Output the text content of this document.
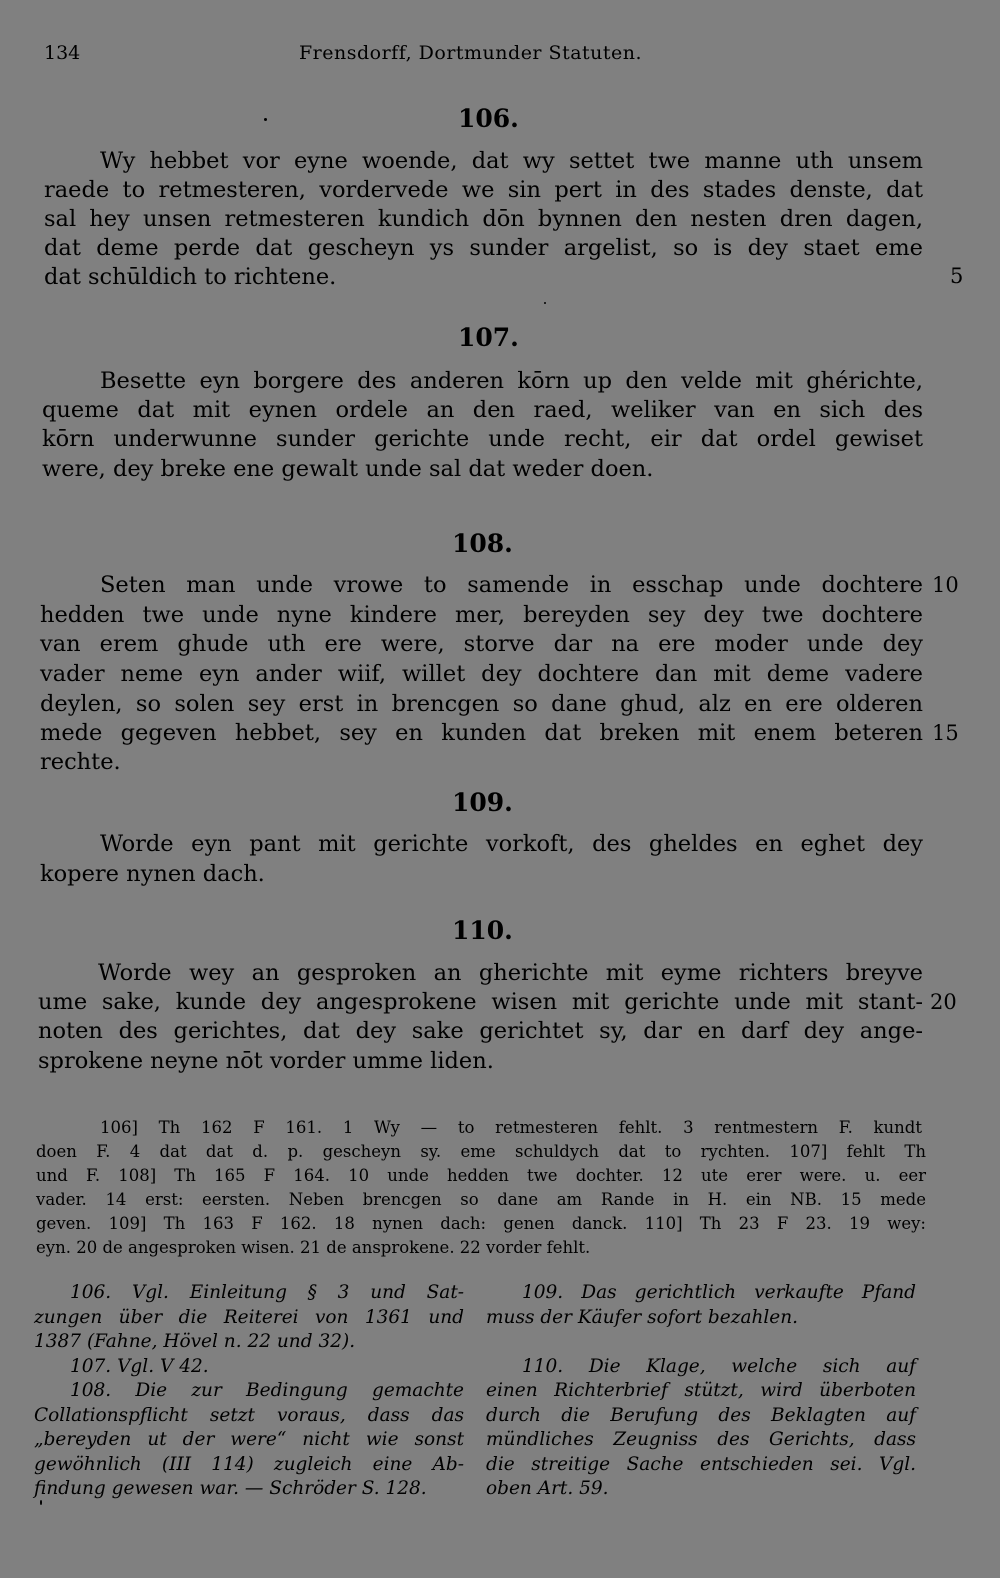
134	Frensdorff, Dortmunder Statuten.
106.
Wy hebbet vor eyne woende, dat wy settet twe manne uth unsem
raede to retmesteren, vordervede we sin pert in des stades denste, dat
sal hey unsen retmesteren kundich dōn bynnen den nesten dren dagen,
dat deme perde dat gescheyn ys sunder argelist, so is dey staet eme
dat schūldich to richtene.	5
107.
Besette eyn borgere des anderen kōrn up den velde mit ghérichte,
queme dat mit eynen ordele an den raed, weliker van en sich des
kōrn underwunne sunder gerichte unde recht, eir dat ordel gewiset
were, dey breke ene gewalt unde sal dat weder doen.
108.
Seten man unde vrowe to samende in esschap unde dochtere 10
hedden twe unde nyne kindere mer, bereyden sey dey twe dochtere
van erem ghude uth ere were, storve dar na ere moder unde dey
vader neme eyn ander wiif, willet dey dochtere dan mit deme vadere
deylen, so solen sey erst in brencgen so dane ghud, alz en ere olderen
mede gegeven hebbet, sey en kunden dat breken mit enem beteren 15
rechte.
109.
Worde eyn pant mit gerichte vorkoft, des gheldes en eghet dey
kopere nynen dach.
110.
Worde wey an gesproken an gherichte mit eyme richters breyve
ume sake, kunde dey angesprokene wisen mit gerichte unde mit stant- 20
noten des gerichtes, dat dey sake gerichtet sy, dar en darf dey ange-
sprokene neyne nōt vorder umme liden.
106] Th 162 F 161. 1 Wy — to retmesteren fehlt. 3 rentmestern F. kundt
doen F. 4 dat dat d. p. gescheyn sy. eme schuldych dat to rychten. 107] fehlt Th
und F. 108] Th 165 F 164. 10 unde hedden twe dochter. 12 ute erer were. u. eer
vader. 14 erst: eersten. Neben brencgen so dane am Rande in H. ein NB. 15 mede
geven. 109] Th 163 F 162. 18 nynen dach: genen danck. 110] Th 23 F 23. 19 wey:
eyn. 20 de angesproken wisen. 21 de ansprokene. 22 vorder fehlt.
106. Vgl. Einleitung § 3 und Sat-
zungen über die Reiterei von 1361 und
1387 (Fahne, Hövel n. 22 und 32).
107. Vgl. V 42.
108. Die zur Bedingung gemachte
Collationspflicht setzt voraus, dass das
„bereyden ut der were“ nicht wie sonst
gewöhnlich (III 114) zugleich eine Ab-
findung gewesen war. — Schröder S. 128.
109. Das gerichtlich verkaufte Pfand
muss der Käufer sofort bezahlen.
110. Die Klage, welche sich auf
einen Richterbrief stützt, wird überboten
durch die Berufung des Beklagten auf
mündliches Zeugniss des Gerichts, dass
die streitige Sache entschieden sei. Vgl.
oben Art. 59.
